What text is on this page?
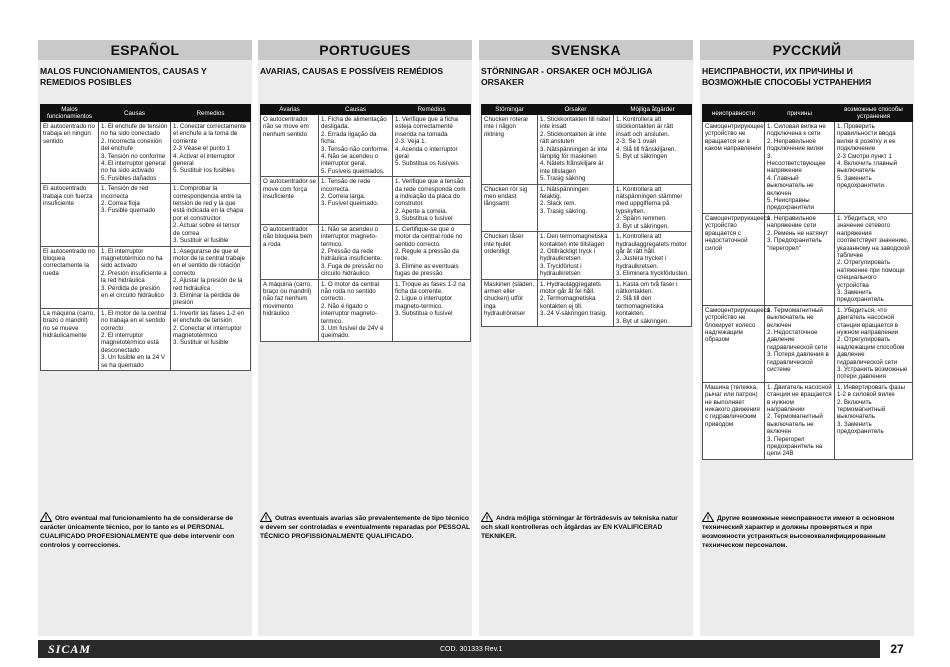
ESPAÑOL
MALOS FUNCIONAMIENTOS, CAUSAS Y REMEDIOS POSIBLES
Malos funcionamientos	Causas	Remedios
El autocentrado no trabaja en ningún sentido	1. El enchufe de tensión no ha sido conectado
2. Incorrecta conexión del enchufe
3. Tensión no conforme
4. El interruptor general no ha sido activado
5. Fusibles dañados	1. Conectar correctamente el enchufe a la toma de corriente
2-3 Véase el punto 1
4. Activar el interruptor general
5. Sustituir los fusibles
El autocentrado trabaja con fuerza insuficiente	1. Tensión de red incorrecta
2. Correa floja
3. Fusible quemado	1. Comprobar la correspondencia entre la tensión de red y la que está indicada en la chapa por el constructor
2. Actuar sobre el tensor de correa
3. Sustituir el fusible
El autocentrado no bloquea correctamente la rueda	1. El interruptor magnetotérmico no ha sido activado
2. Presión insuficiente a la red hidráulica
3. Pérdida de presión en el circuito hidráulico	1. Asegurarse de que el motor de la central trabaje en el sentido de rotación correcto
2. Ajustar la presión de la red hidráulica
3. Eliminar la pérdida de presión
La máquina (carro, brazo o mandril) no se mueve hidráulicamente	1. El motor de la central no trabaja en el sentido correcto
2. El interruptor magnetotérmico está desconectado
3. Un fusible en la 24 V se ha quemado	1. Invertir las fases 1-2 en el enchufe de tensión
2. Conectar el interruptor magnetotérmico
3. Sustituir el fusible
Otro eventual mal funcionamiento ha de considerarse de carácter únicamente técnico, por lo tanto es el PERSONAL CUALIFICADO PROFESIONALMENTE que debe intervenir con controlos y correcciones.
PORTUGUES
AVARIAS, CAUSAS E POSSÍVEIS REMÉDIOS
Avarias	Causas	Remédios
O autocentrador não se move em nenhum sentido	1. Ficha de alimentação desligada.
2. Errada ligação da ficha.
3. Tensão não conforme.
4. Não se acendeu o interruptor geral.
5. Fusíveis queimados.	1. Verifique que a ficha esteja correctamente inserida na tomada
2-3. Veja 1.
4. Acenda o interruptor geral
5. Substitua os fusíveis
O autocentrador se move com força insuficiente	1. Tensão de rede incorrecta.
2. Correia larga.
3. Fusível queimado.	1. Verifique que a tensão da rede corresponda com a indicação da placa do construtor.
2. Aperte a correia.
3. Substitua o fusível
O autocentrador não bloqueia bem a roda	1. Não se acendeu o interruptor magneto-termico.
2. Pressão da rede hidráulica insuficiente.
3. Fuga de pressão no circuito hidráulico.	1. Certifique-se que o motor da central rode no sentido correcto.
2. Regule a pressão da rede.
3. Elimine as eventuais fugas de pressão
A máquina (carro, braço ou mandril) não faz nenhum movimento hidráulico	1. O motor da central não roda no sentido correcto.
2. Não é ligado o interruptor magneto-termico.
3. Um fusível de 24V é queimado.	1. Troque as fases 1-2 na ficha da corrente.
2. Ligue o interruptor magneto-termico.
3. Substitua o fusível
Outras eventuais avarias são prevalentemente de tipo técnico e devem ser controladas e eventualmente reparadas por PESSOAL TÉCNICO PROFISSIONALMENTE QUALIFICADO.
SVENSKA
STÖRNINGAR - ORSAKER OCH MÖJLIGA ORSAKER
Störningar	Orsaker	Möjliga åtgärder
Chucken roterar inte i någon riktning	1. Stickkontakten till nätet inte insatt
2. Stickkontakten är inte rätt ansluten
3. Nätspänningen är inte lämplig för maskinen
4. Nätets frånskiljare är inte tillslagen
5. Trasig säkring	1. Kontrollera att stickkontakten är rätt insatt och ansluten.
2-3. Se 1 ovan
4. Slå till frånskiljaren.
5. Byt ut säkringen
Chucken rör sig men endast långsamt	1. Nätspänningen felaktig.
2. Slack rem.
3. Trasig säkring.	1. Kontrollera att nätspänningen stämmer med uppgifterna på typskylten.
2. Spänn remmen.
3. Byt ut säkringen.
Chucken låser inte hjulet ordentligt	1. Den termomagnetiska kontakten inte tillslagen
2. Otillräckligt tryck i hydraulkretsen
3. Tryckförlust i hydraulkretsen	1. Kontrollera att hydraulaggregatets motor går åt rätt håll.
2. Justera trycket i hydraulkretsen.
3. Eliminera tryckförlusten.
Maskinen (släden, armen eller chucken) utför inga hydraulrörelser	1. Hydraulaggregatets motor går åt fel håll.
2. Termomagnetiska kontakten ej till.
3. 24 V-säkringen trasig.	1. Kasta om två faser i nätkontakten.
2. Slå till den termomagnetiska kontakten.
3. Byt ut säkringen.
Andra möjliga störningar är förträdesvis av tekniska natur och skall kontrolleras och åtgärdas av EN KVALIFICERAD TEKNIKER.
РУССКИЙ
НЕИСПРАВНОСТИ, ИХ ПРИЧИНЫ И ВОЗМОЖНЫЕ СПОСОБЫ УСТРАНЕНИЯ
неисправности	причины	возможные способы устранения
Самоцентрирующее устройство не вращается ни в каком направлении	1. Силовая вилка не подключена к сети
2. Неправильное подключение вилки
3. Несоответствующее напряжение
4. Главный выключатель не включен
5. Неисправны предохранители	1. Проверить правильности ввода вилки в розетку и ее подключение
2-3 Смотри пункт 1
4. Включить главный выключатель
5. Заменить предохранители.
Самоцентрирующееся устройство вращается с недостаточной силой	1. Неправильное напряжение сети
2. Ремень не натянут
3. Предохранитель "перегорел"	1. Убедиться, что значение сетевого напряжения соответствует значению, указанному на заводской табличке
2. Отрегулировать натяжение при помощи специального устройства
3. Заменить предохранитель
Самоцентрирующееся устройство не блокирует колесо надлежащим образом	1. Термомагнитный выключатель не включен
2. Недостаточное давление гидравлической сети
3. Потеря давления в гидравлической системе	1. Убедиться, что двигатель насосной станции вращается в нужном направлении
2. Отрегулировать надлежащим способом давление гидравлической сети
3. Устранить возможные потери давления
Машина (тележка, рычаг или патрон) не выполняет никакого движения с гидравлическим приводом	1. Двигатель насосной станции не вращается в нужном направлении
2. Термомагнитный выключатель не включен
3. Перегорел предохранитель на цепи 24В	1. Инвертировать фазы 1-2 в силовой вилке
2. Включить термомагнитный выключатель
3. Заменить предохранитель
Другие возможные неисправности имеют в основном технический характер и должны проверяться и при возможности устраняться высококвалифицированным техническом персоналом.
SICAM	COD. 301333 Rev.1	27
